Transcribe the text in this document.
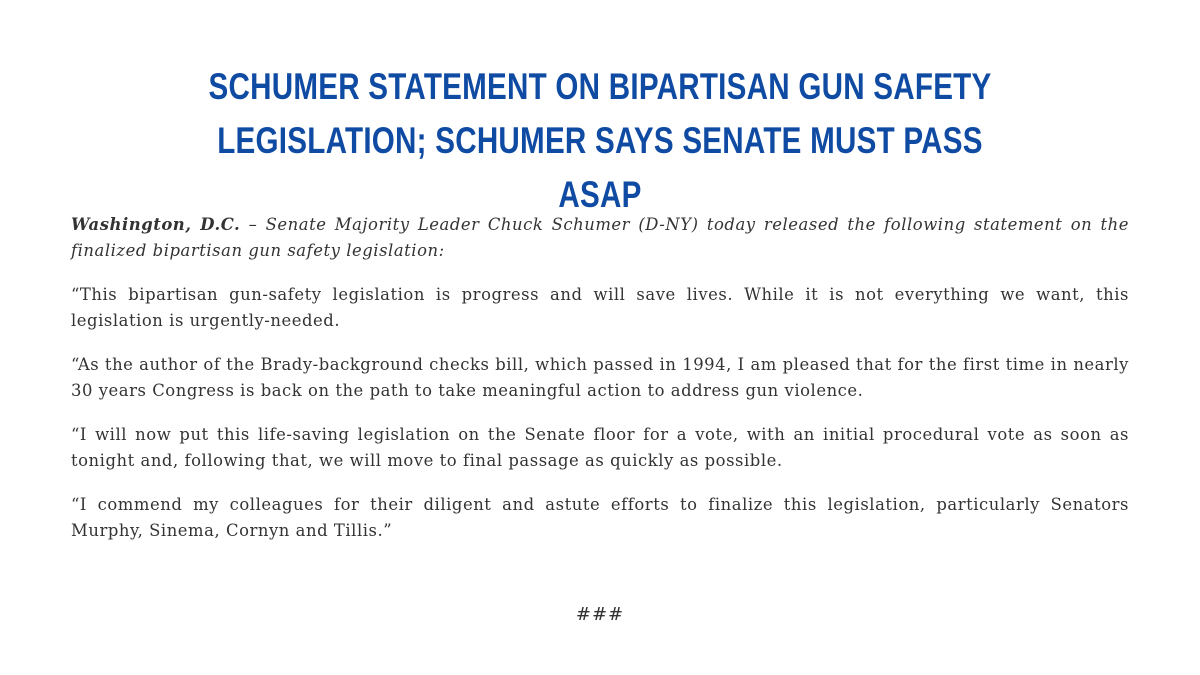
SCHUMER STATEMENT ON BIPARTISAN GUN SAFETY
LEGISLATION; SCHUMER SAYS SENATE MUST PASS ASAP

Washington, D.C. – Senate Majority Leader Chuck Schumer (D-NY) today released the following statement on the finalized bipartisan gun safety legislation:

“This bipartisan gun-safety legislation is progress and will save lives. While it is not everything we want, this legislation is urgently-needed.

“As the author of the Brady-background checks bill, which passed in 1994, I am pleased that for the first time in nearly 30 years Congress is back on the path to take meaningful action to address gun violence.

“I will now put this life-saving legislation on the Senate floor for a vote, with an initial procedural vote as soon as tonight and, following that, we will move to final passage as quickly as possible.

“I commend my colleagues for their diligent and astute efforts to finalize this legislation, particularly Senators Murphy, Sinema, Cornyn and Tillis.”

###
